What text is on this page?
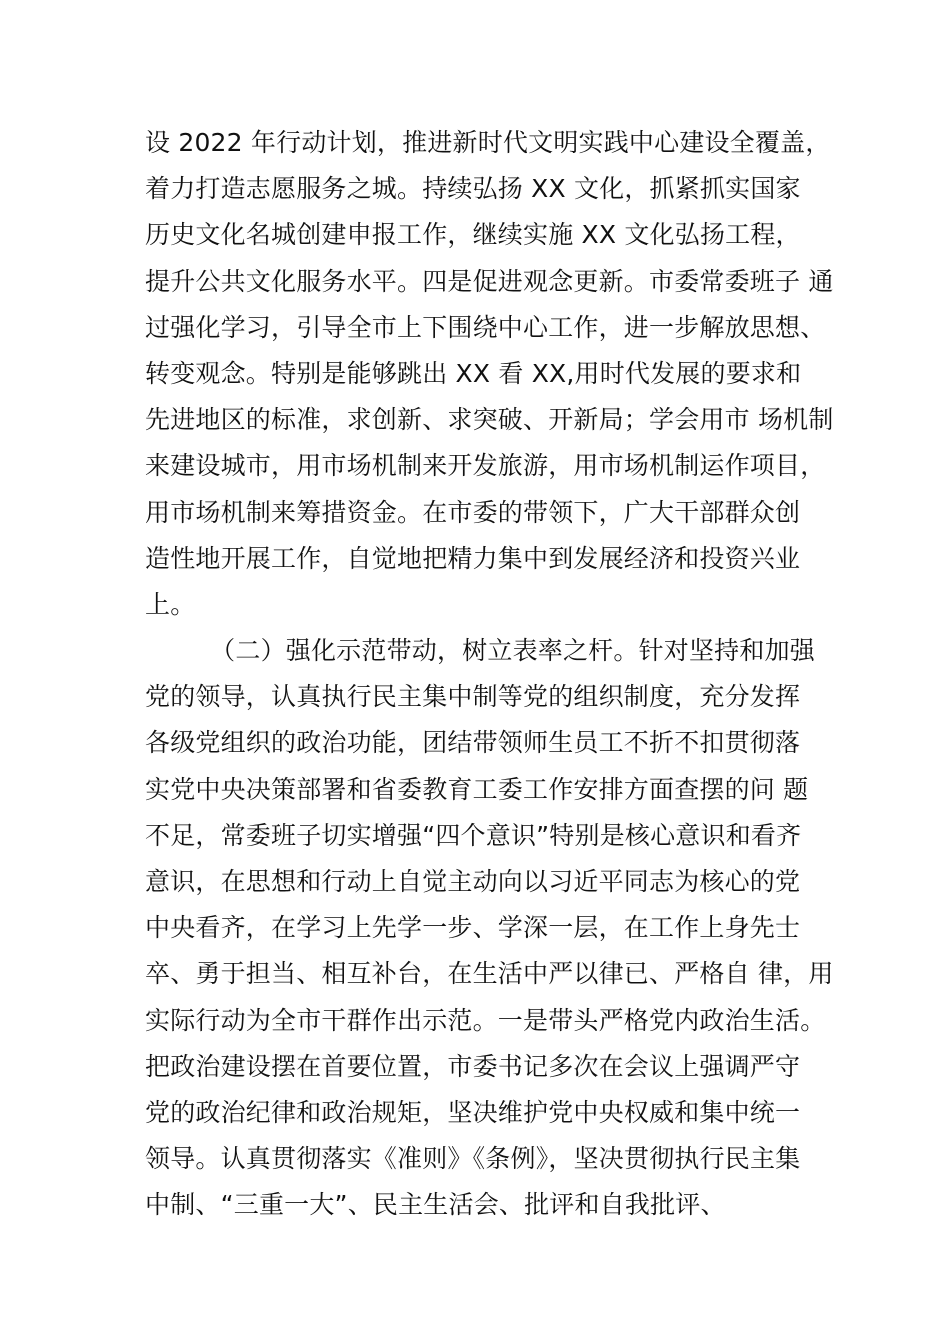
设 2022 年行动计划，推进新时代文明实践中心建设全覆盖，
着力打造志愿服务之城。持续弘扬 XX 文化，抓紧抓实国家
历史文化名城创建申报工作，继续实施 XX 文化弘扬工程，
提升公共文化服务水平。四是促进观念更新。市委常委班子 通
过强化学习，引导全市上下围绕中心工作，进一步解放思想、
转变观念。特别是能够跳出 XX 看 XX,用时代发展的要求和
先进地区的标准，求创新、求突破、开新局；学会用市 场机制
来建设城市，用市场机制来开发旅游，用市场机制运作项目，
用市场机制来筹措资金。在市委的带领下，广大干部群众创
造性地开展工作，自觉地把精力集中到发展经济和投资兴业
上。
（二）强化示范带动，树立表率之杆。针对坚持和加强
党的领导，认真执行民主集中制等党的组织制度，充分发挥
各级党组织的政治功能，团结带领师生员工不折不扣贯彻落
实党中央决策部署和省委教育工委工作安排方面查摆的问 题
不足，常委班子切实增强“四个意识”特别是核心意识和看齐
意识，在思想和行动上自觉主动向以习近平同志为核心的党
中央看齐，在学习上先学一步、学深一层，在工作上身先士
卒、勇于担当、相互补台，在生活中严以律已、严格自 律，用
实际行动为全市干群作出示范。一是带头严格党内政治生活。
把政治建设摆在首要位置，市委书记多次在会议上强调严守
党的政治纪律和政治规矩，坚决维护党中央权威和集中统一
领导。认真贯彻落实《准则》《条例》，坚决贯彻执行民主集
中制、“三重一大”、民主生活会、批评和自我批评、
